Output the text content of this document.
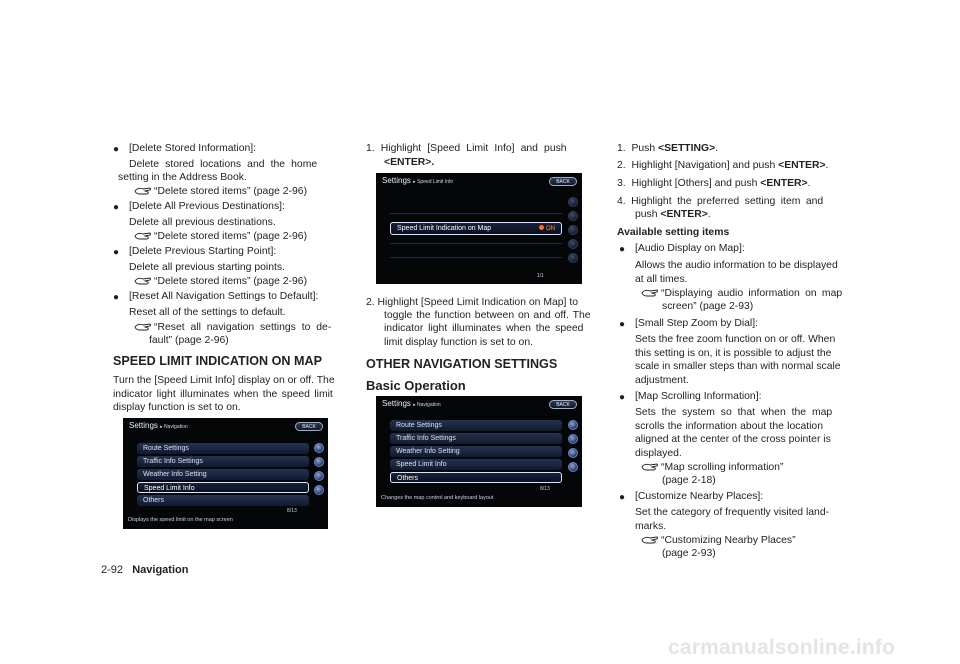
● [Delete Stored Information]:
Delete stored locations and the home
setting in the Address Book.
“Delete stored items” (page 2-96)
● [Delete All Previous Destinations]:
Delete all previous destinations.
“Delete stored items” (page 2-96)
● [Delete Previous Starting Point]:
Delete all previous starting points.
“Delete stored items” (page 2-96)
● [Reset All Navigation Settings to Default]:
Reset all of the settings to default.
“Reset all navigation settings to de-
fault” (page 2-96)
SPEED LIMIT INDICATION ON MAP
Turn the [Speed Limit Info] display on or off. The
indicator light illuminates when the speed limit
display function is set to on.
Settings ▸ Navigation	BACK
Route Settings
Traffic Info Settings
Weather Info Setting
Speed Limit Info
Others
8/13
Displays the speed limit on the map screen
1. Highlight [Speed Limit Info] and push
<ENTER>.
Settings ▸ Speed Limit Info	BACK
Speed Limit Indication on Map	ON
1/1
2. Highlight [Speed Limit Indication on Map] to
toggle the function between on and off. The
indicator light illuminates when the speed
limit display function is set to on.
OTHER NAVIGATION SETTINGS
Basic Operation
Settings ▸ Navigation	BACK
Route Settings
Traffic Info Settings
Weather Info Setting
Speed Limit Info
Others
8/13
Changes the map control and keyboard layout
1. Push <SETTING>.
2. Highlight [Navigation] and push <ENTER>.
3. Highlight [Others] and push <ENTER>.
4. Highlight the preferred setting item and
push <ENTER>.
Available setting items
● [Audio Display on Map]:
Allows the audio information to be displayed
at all times.
“Displaying audio information on map
screen” (page 2-93)
● [Small Step Zoom by Dial]:
Sets the free zoom function on or off. When
this setting is on, it is possible to adjust the
scale in smaller steps than with normal scale
adjustment.
● [Map Scrolling Information]:
Sets the system so that when the map
scrolls the information about the location
aligned at the center of the cross pointer is
displayed.
“Map scrolling information”
(page 2-18)
● [Customize Nearby Places]:
Set the category of frequently visited land-
marks.
“Customizing Nearby Places”
(page 2-93)
2-92 Navigation
carmanualsonline.info
